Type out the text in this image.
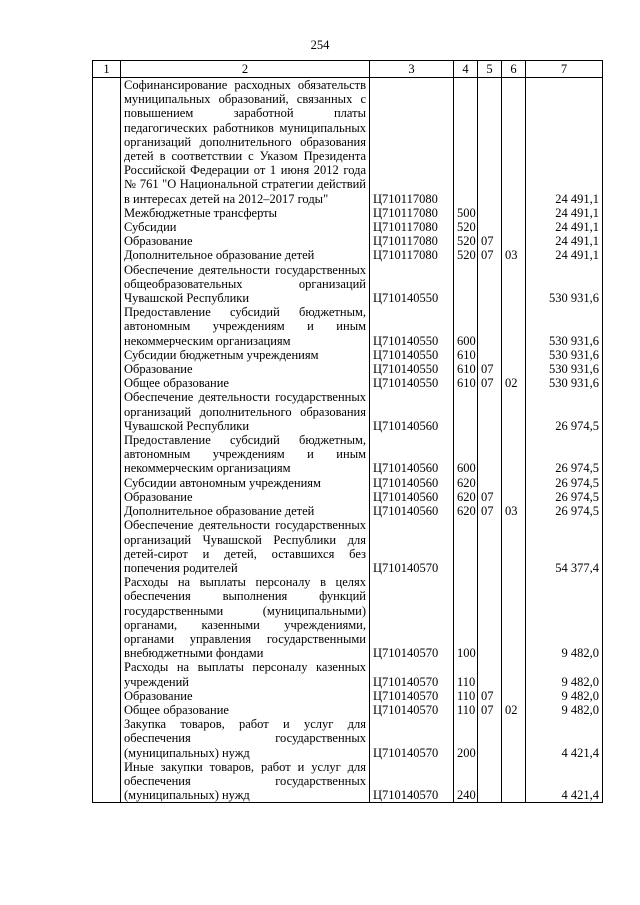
254
1	2	3	4	5	6	7

	Софинансирование расходных обязательств муниципальных образований, связанных с повышением заработной платы педагогических работников муниципальных организаций дополнительного образования детей в соответствии с Указом Президента Российской Федерации от 1 июня 2012 года № 761 "О Национальной стратегии действий в интересах детей на 2012–2017 годы"	Ц710117080				24 491,1

	Межбюджетные трансферты	Ц710117080	500			24 491,1

	Субсидии	Ц710117080	520			24 491,1

	Образование	Ц710117080	520	07		24 491,1

	Дополнительное образование детей	Ц710117080	520	07	03	24 491,1

	Обеспечение деятельности государственных общеобразовательных организаций Чувашской Республики	Ц710140550				530 931,6

	Предоставление субсидий бюджетным, автономным учреждениям и иным некоммерческим организациям	Ц710140550	600			530 931,6

	Субсидии бюджетным учреждениям	Ц710140550	610			530 931,6

	Образование	Ц710140550	610	07		530 931,6

	Общее образование	Ц710140550	610	07	02	530 931,6

	Обеспечение деятельности государственных организаций дополнительного образования Чувашской Республики	Ц710140560				26 974,5

	Предоставление субсидий бюджетным, автономным учреждениям и иным некоммерческим организациям	Ц710140560	600			26 974,5

	Субсидии автономным учреждениям	Ц710140560	620			26 974,5

	Образование	Ц710140560	620	07		26 974,5

	Дополнительное образование детей	Ц710140560	620	07	03	26 974,5

	Обеспечение деятельности государственных организаций Чувашской Республики для детей-сирот и детей, оставшихся без попечения родителей	Ц710140570				54 377,4

	Расходы на выплаты персоналу в целях обеспечения выполнения функций государственными (муниципальными) органами, казенными учреждениями, органами управления государственными внебюджетными фондами	Ц710140570	100			9 482,0

	Расходы на выплаты персоналу казенных учреждений	Ц710140570	110			9 482,0

	Образование	Ц710140570	110	07		9 482,0

	Общее образование	Ц710140570	110	07	02	9 482,0

	Закупка товаров, работ и услуг для обеспечения государственных (муниципальных) нужд	Ц710140570	200			4 421,4

	Иные закупки товаров, работ и услуг для обеспечения государственных (муниципальных) нужд	Ц710140570	240			4 421,4
